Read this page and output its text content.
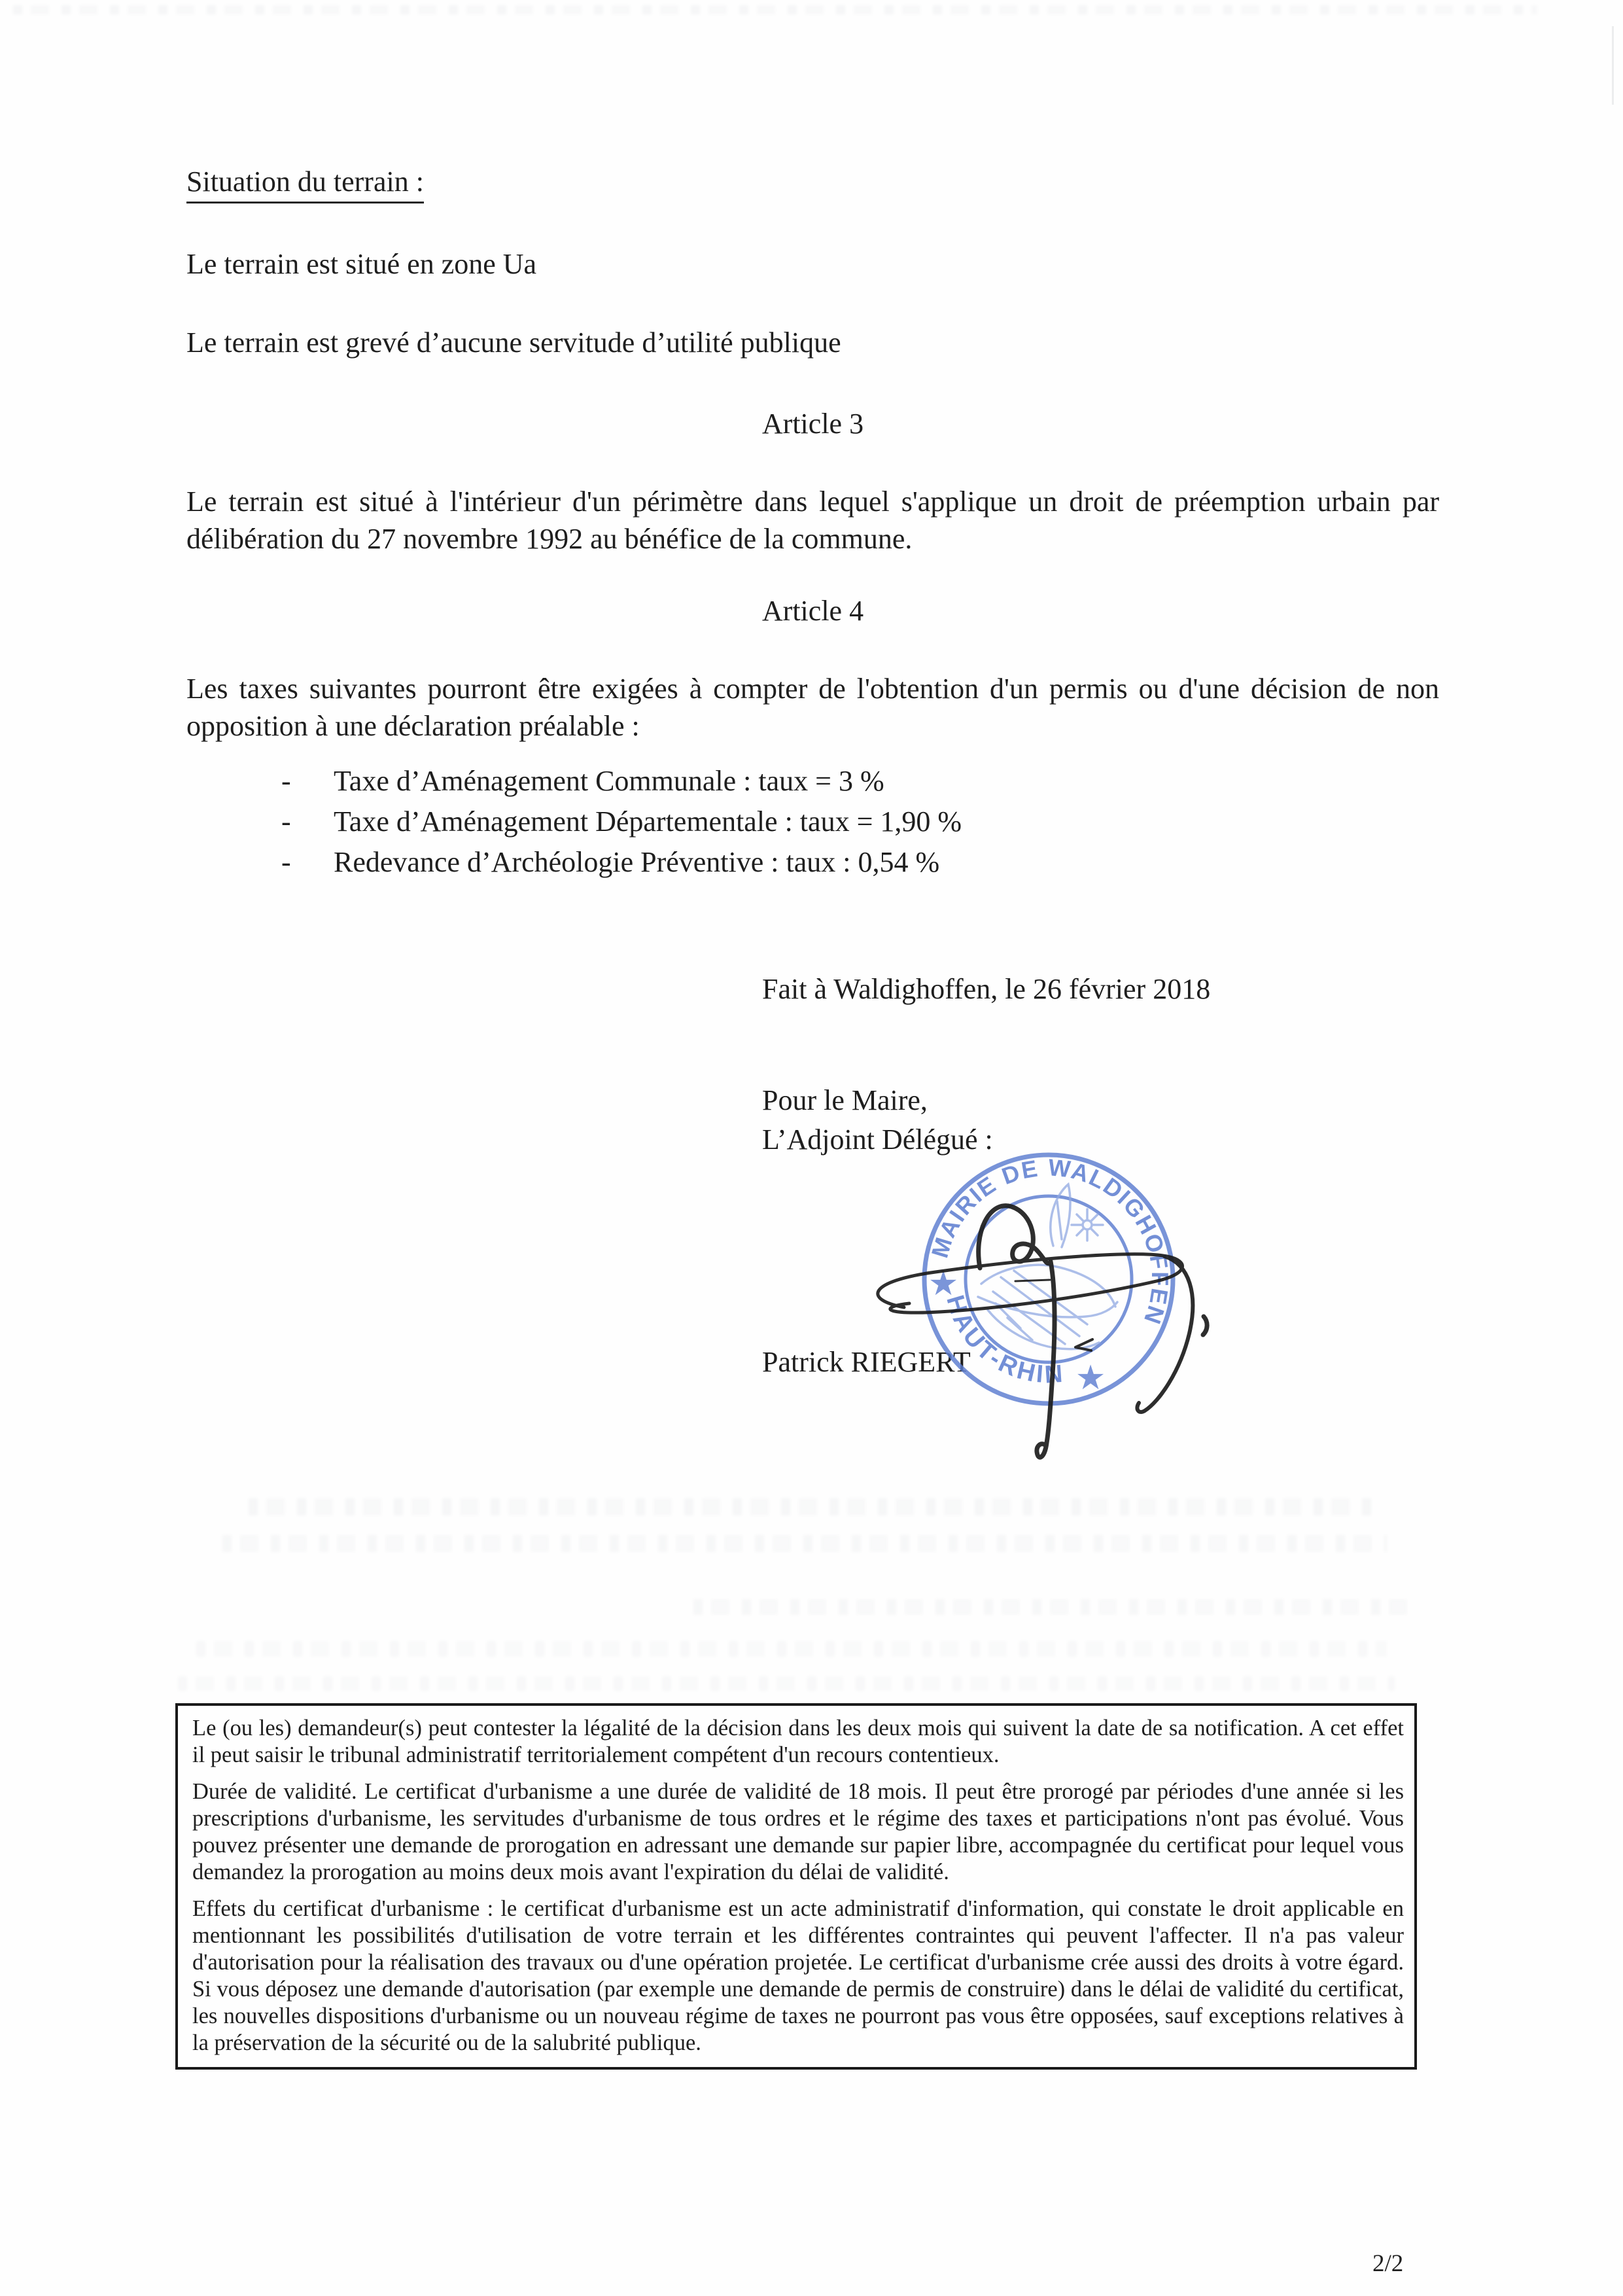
Situation du terrain :
Le terrain est situé en zone Ua
Le terrain est grevé d’aucune servitude d’utilité publique
Article 3
Le terrain est situé à l'intérieur d'un périmètre dans lequel s'applique un droit de préemption urbain par délibération du 27 novembre 1992 au bénéfice de la commune.
Article 4
Les taxes suivantes pourront être exigées à compter de l'obtention d'un permis ou d'une décision de non opposition à une déclaration préalable :
-	Taxe d’Aménagement Communale : taux = 3 %
-	Taxe d’Aménagement Départementale : taux = 1,90 %
-	Redevance d’Archéologie Préventive : taux : 0,54 %
Fait à Waldighoffen, le 26 février 2018
Pour le Maire,
L’Adjoint Délégué :
Patrick RIEGERT
MAIRIE DE WALDIGHOFFEN
HAUT-RHIN
★
★

Le (ou les) demandeur(s) peut contester la légalité de la décision dans les deux mois qui suivent la date de sa notification. A cet effet il peut saisir le tribunal administratif territorialement compétent d'un recours contentieux.

Durée de validité. Le certificat d'urbanisme a une durée de validité de 18 mois. Il peut être prorogé par périodes d'une année si les prescriptions d'urbanisme, les servitudes d'urbanisme de tous ordres et le régime des taxes et participations n'ont pas évolué. Vous pouvez présenter une demande de prorogation en adressant une demande sur papier libre, accompagnée du certificat pour lequel vous demandez la prorogation au moins deux mois avant l'expiration du délai de validité.

Effets du certificat d'urbanisme : le certificat d'urbanisme est un acte administratif d'information, qui constate le droit applicable en mentionnant les possibilités d'utilisation de votre terrain et les différentes contraintes qui peuvent l'affecter. Il n'a pas valeur d'autorisation pour la réalisation des travaux ou d'une opération projetée. Le certificat d'urbanisme crée aussi des droits à votre égard. Si vous déposez une demande d'autorisation (par exemple une demande de permis de construire) dans le délai de validité du certificat, les nouvelles dispositions d'urbanisme ou un nouveau régime de taxes ne pourront pas vous être opposées, sauf exceptions relatives à la préservation de la sécurité ou de la salubrité publique.

2/2
